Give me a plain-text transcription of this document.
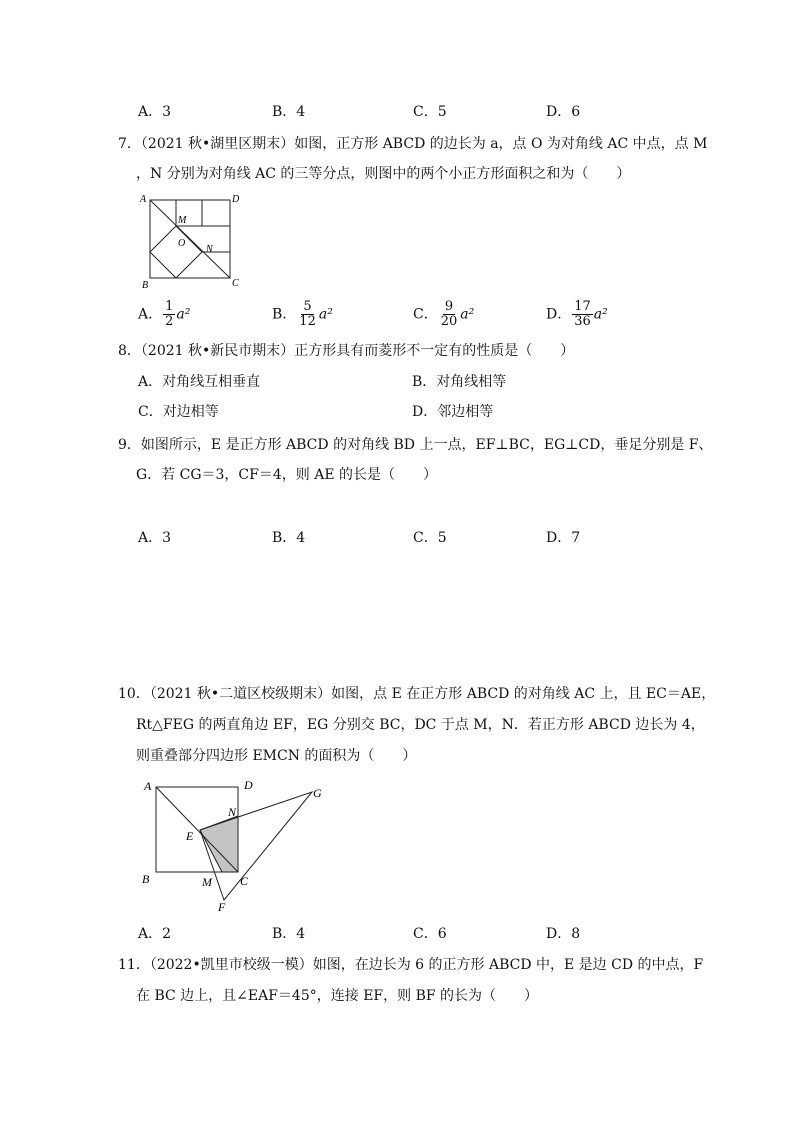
A．3	B．4	C．5	D．6
7．（2021 秋•湖里区期末）如图，正方形 ABCD 的边长为 a，点 O 为对角线 AC 中点，点 M
，N 分别为对角线 AC 的三等分点，则图中的两个小正方形面积之和为（　　）
A	D
M
O
N
B	C
A． $\frac{1}{2} a^2$	B． $\frac{5}{12} a^2$	C． $\frac{9}{20} a^2$	D． $\frac{17}{36} a^2$
8．（2021 秋•新民市期末）正方形具有而菱形不一定有的性质是（　　）
A．对角线互相垂直	B．对角线相等
C．对边相等	D．邻边相等
9．如图所示，E 是正方形 ABCD 的对角线 BD 上一点，EF⊥BC，EG⊥CD，垂足分别是 F、
G．若 CG＝3，CF＝4，则 AE 的长是（　　）
A．3	B．4	C．5	D．7
10．（2021 秋•二道区校级期末）如图，点 E 在正方形 ABCD 的对角线 AC 上，且 EC＝AE，
Rt△FEG 的两直角边 EF，EG 分别交 BC，DC 于点 M，N．若正方形 ABCD 边长为 4，
则重叠部分四边形 EMCN 的面积为（　　）
A	D
G
N
E
B	M C
F
A．2	B．4	C．6	D．8
11．（2022•凯里市校级一模）如图，在边长为 6 的正方形 ABCD 中，E 是边 CD 的中点，F
在 BC 边上，且∠EAF＝45°，连接 EF，则 BF 的长为（　　）
